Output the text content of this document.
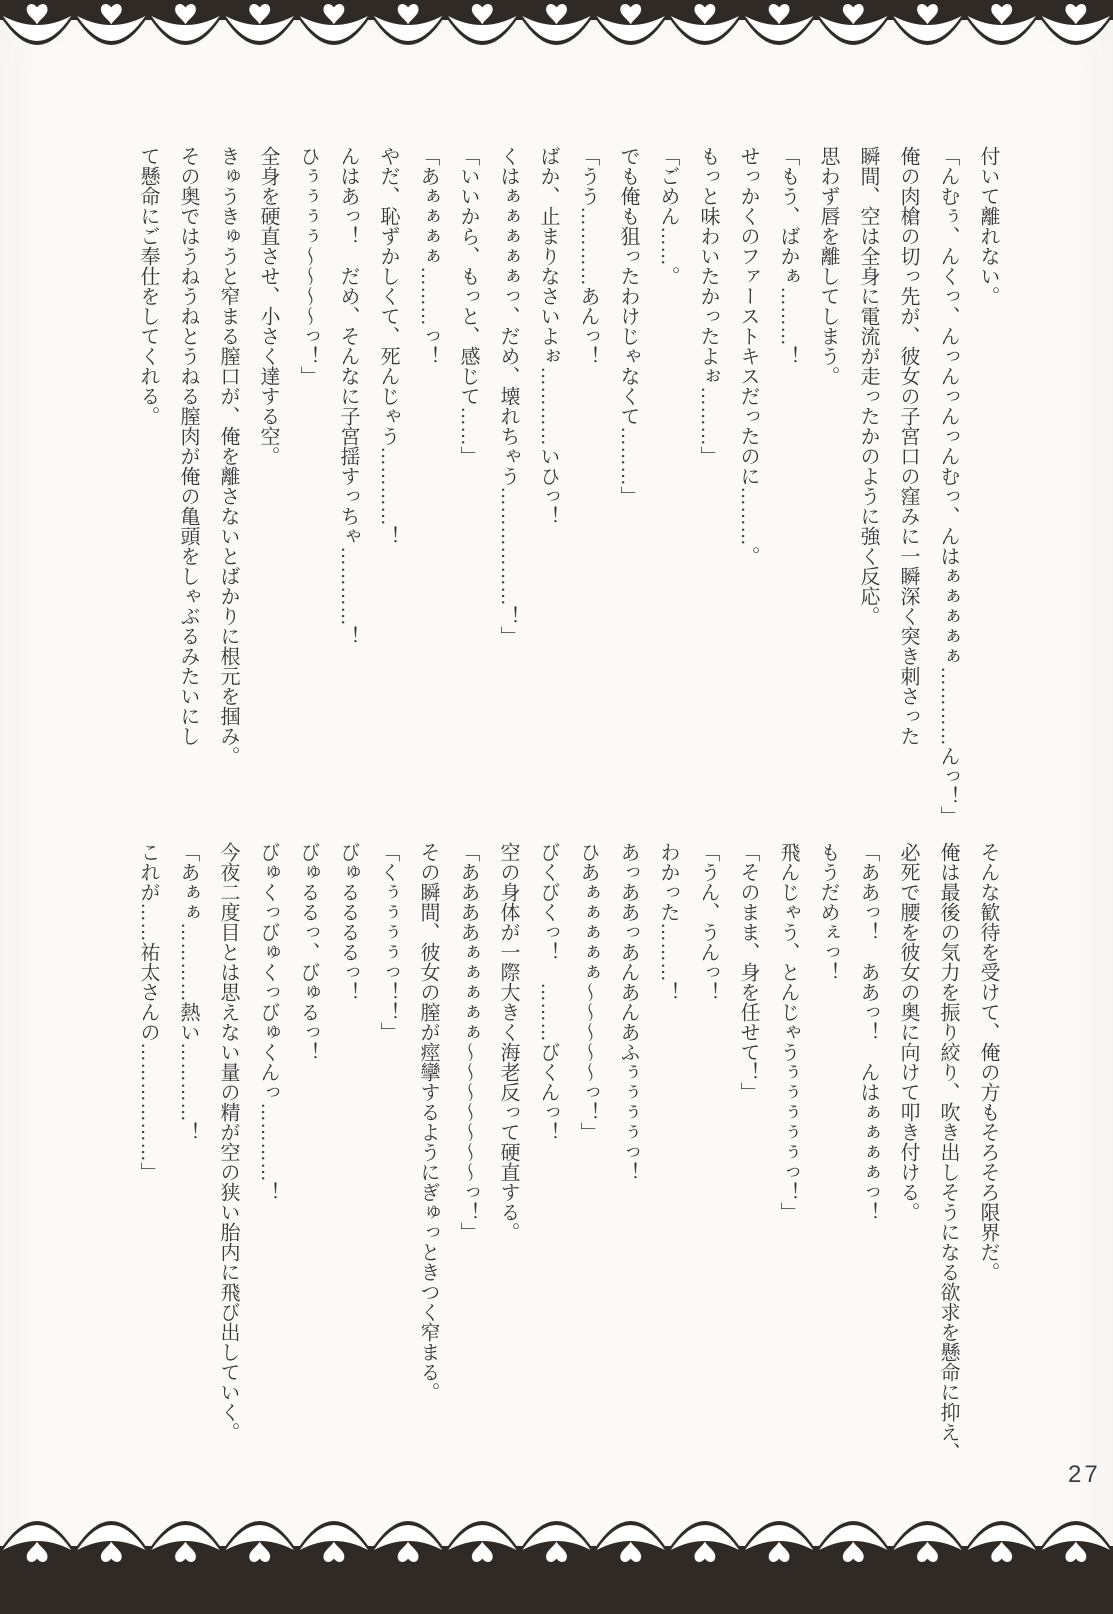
付いて離れない。

「んむぅ、んくっ、んっんっんっんむっ、んはぁぁぁぁぁ…………んっ！」

俺の肉槍の切っ先が、彼女の子宮口の窪みに一瞬深く突き刺さった

瞬間、空は全身に電流が走ったかのように強く反応。

思わず唇を離してしまう。

「もう、ばかぁ………！

せっかくのファーストキスだったのに………。

もっと味わいたかったよぉ………」

「ごめん……。

でも俺も狙ったわけじゃなくて………」

「うう…………あんっ！

ばか、止まりなさいよぉ…………いひっ！

くはぁぁぁぁぁっ、だめ、壊れちゃう………………！」

「いいから、もっと、感じて……」

「あぁぁぁぁ………っ！

やだ、恥ずかしくて、死んじゃう…………！

んはあっ！　だめ、そんなに子宮揺すっちゃ…………！

ひぅぅぅぅ～～～～っ！」

全身を硬直させ、小さく達する空。

きゅうきゅうと窄まる膣口が、俺を離さないとばかりに根元を掴み。

その奥ではうねうねとうねる膣肉が俺の亀頭をしゃぶるみたいにし

て懸命にご奉仕をしてくれる。

そんな歓待を受けて、俺の方もそろそろ限界だ。

俺は最後の気力を振り絞り、吹き出しそうになる欲求を懸命に抑え、

必死で腰を彼女の奥に向けて叩き付ける。

「ああっ！　ああっ！　んはぁぁぁぁっ！

もうだめぇっ！

飛んじゃう、とんじゃうぅぅぅぅぅっ！」

「そのまま、身を任せて！」

「うん、うんっ！

わかった………！

あっああっあんあんあふぅぅぅぅっ！

ひあぁぁぁぁぁ～～～～～っ！」

びくびくっ！　………びくんっ！

空の身体が一際大きく海老反って硬直する。

「ああああぁぁぁぁぁ～～～～～～～っ！」

その瞬間、彼女の膣が痙攣するようにぎゅっときつく窄まる。

「くぅぅぅぅっ！！」

びゅるるるるっ！

びゅるるっ、びゅるっ！

びゅくっびゅくっびゅくんっ…………！

今夜二度目とは思えない量の精が空の狭い胎内に飛び出していく。

「あぁぁ…………熱い…………！

これが……祐太さんの………………」

27
